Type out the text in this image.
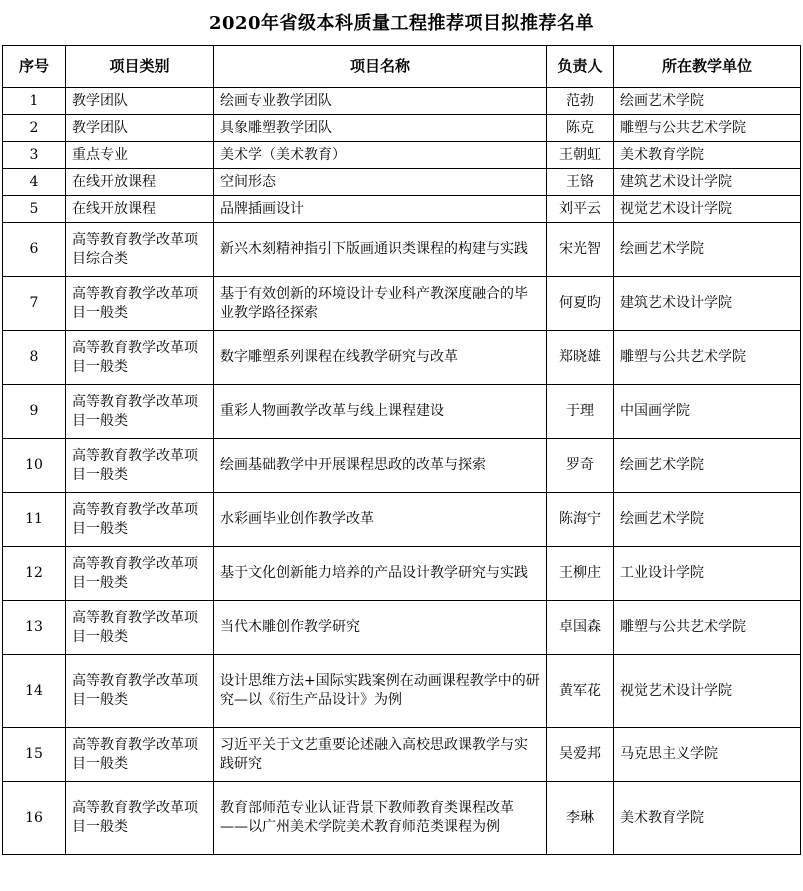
2020年省级本科质量工程推荐项目拟推荐名单
序号	项目类别	项目名称	负责人	所在教学单位
1	教学团队	绘画专业教学团队	范勃	绘画艺术学院
2	教学团队	具象雕塑教学团队	陈克	雕塑与公共艺术学院
3	重点专业	美术学（美术教育）	王朝虹	美术教育学院
4	在线开放课程	空间形态	王铬	建筑艺术设计学院
5	在线开放课程	品牌插画设计	刘平云	视觉艺术设计学院
6	高等教育教学改革项目综合类	新兴木刻精神指引下版画通识类课程的构建与实践	宋光智	绘画艺术学院
7	高等教育教学改革项目一般类	基于有效创新的环境设计专业科产教深度融合的毕业教学路径探索	何夏昀	建筑艺术设计学院
8	高等教育教学改革项目一般类	数字雕塑系列课程在线教学研究与改革	郑晓雄	雕塑与公共艺术学院
9	高等教育教学改革项目一般类	重彩人物画教学改革与线上课程建设	于理	中国画学院
10	高等教育教学改革项目一般类	绘画基础教学中开展课程思政的改革与探索	罗奇	绘画艺术学院
11	高等教育教学改革项目一般类	水彩画毕业创作教学改革	陈海宁	绘画艺术学院
12	高等教育教学改革项目一般类	基于文化创新能力培养的产品设计教学研究与实践	王柳庄	工业设计学院
13	高等教育教学改革项目一般类	当代木雕创作教学研究	卓国森	雕塑与公共艺术学院
14	高等教育教学改革项目一般类	设计思维方法+国际实践案例在动画课程教学中的研究—以《衍生产品设计》为例	黄军花	视觉艺术设计学院
15	高等教育教学改革项目一般类	习近平关于文艺重要论述融入高校思政课教学与实践研究	吴爱邦	马克思主义学院
16	高等教育教学改革项目一般类	教育部师范专业认证背景下教师教育类课程改革——以广州美术学院美术教育师范类课程为例	李琳	美术教育学院
